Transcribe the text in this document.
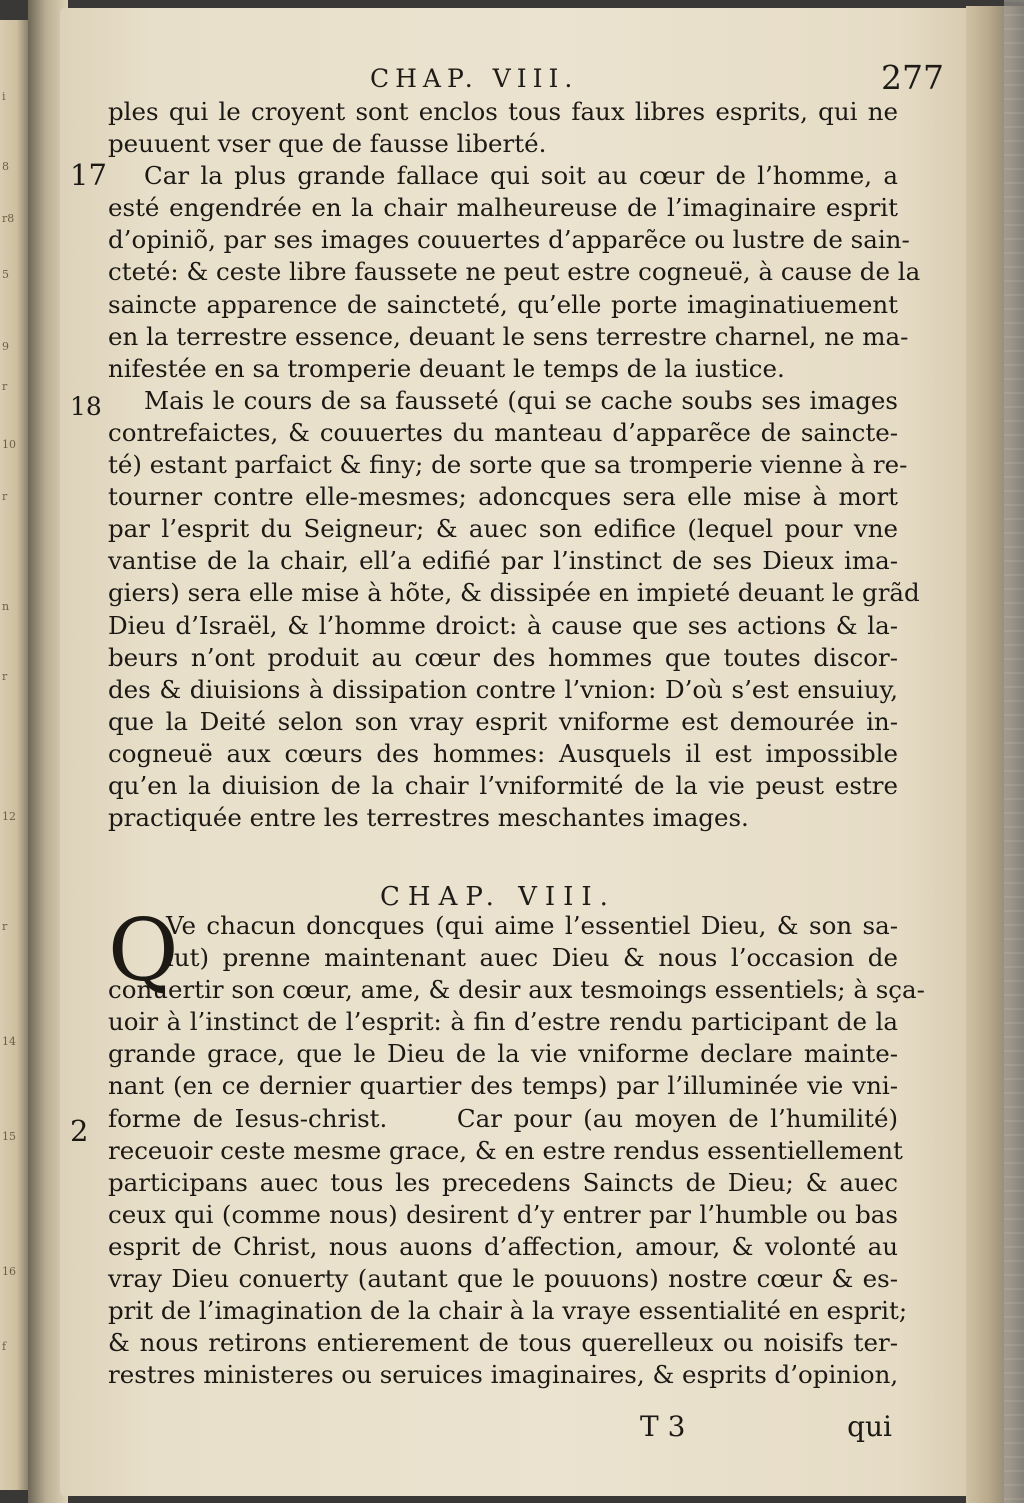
i
8
r8
5
9
r
10
r
n
r
12
r
14
15
16
f
CHAP. VIII.	277
17
18
2
ples qui le croyent sont enclos tous faux libres esprits, qui ne
peuuent vser que de fausse liberté.
Car la plus grande fallace qui soit au cœur de l’homme, a
esté engendrée en la chair malheureuse de l’imaginaire esprit
d’opiniõ, par ses images couuertes d’apparẽce ou lustre de sain-
cteté: & ceste libre faussete ne peut estre cogneuë, à cause de la
saincte apparence de saincteté, qu’elle porte imaginatiuement
en la terrestre essence, deuant le sens terrestre charnel, ne ma-
nifestée en sa tromperie deuant le temps de la iustice.
Mais le cours de sa fausseté (qui se cache soubs ses images
contrefaictes, & couuertes du manteau d’apparẽce de saincte-
té) estant parfaict & finy; de sorte que sa tromperie vienne à re-
tourner contre elle-mesmes; adoncques sera elle mise à mort
par l’esprit du Seigneur; & auec son edifice (lequel pour vne
vantise de la chair, ell’a edifié par l’instinct de ses Dieux ima-
giers) sera elle mise à hõte, & dissipée en impieté deuant le grãd
Dieu d’Israël, & l’homme droict: à cause que ses actions & la-
beurs n’ont produit au cœur des hommes que toutes discor-
des & diuisions à dissipation contre l’vnion: D’où s’est ensuiuy,
que la Deité selon son vray esprit vniforme est demourée in-
cogneuë aux cœurs des hommes: Ausquels il est impossible
qu’en la diuision de la chair l’vniformité de la vie peust estre
practiquée entre les terrestres meschantes images.
CHAP. VIII.
Q
Ve chacun doncques (qui aime l’essentiel Dieu, & son sa-
lut) prenne maintenant auec Dieu & nous l’occasion de
conuertir son cœur, ame, & desir aux tesmoings essentiels; à sça-
uoir à l’instinct de l’esprit: à fin d’estre rendu participant de la
grande grace, que le Dieu de la vie vniforme declare mainte-
nant (en ce dernier quartier des temps) par l’illuminée vie vni-
forme de Iesus-christ.      Car pour (au moyen de l’humilité)
receuoir ceste mesme grace, & en estre rendus essentiellement
participans auec tous les precedens Saincts de Dieu; & auec
ceux qui (comme nous) desirent d’y entrer par l’humble ou bas
esprit de Christ, nous auons d’affection, amour, & volonté au
vray Dieu conuerty (autant que le pouuons) nostre cœur & es-
prit de l’imagination de la chair à la vraye essentialité en esprit;
& nous retirons entierement de tous querelleux ou noisifs ter-
restres ministeres ou seruices imaginaires, & esprits d’opinion,
T 3	qui
